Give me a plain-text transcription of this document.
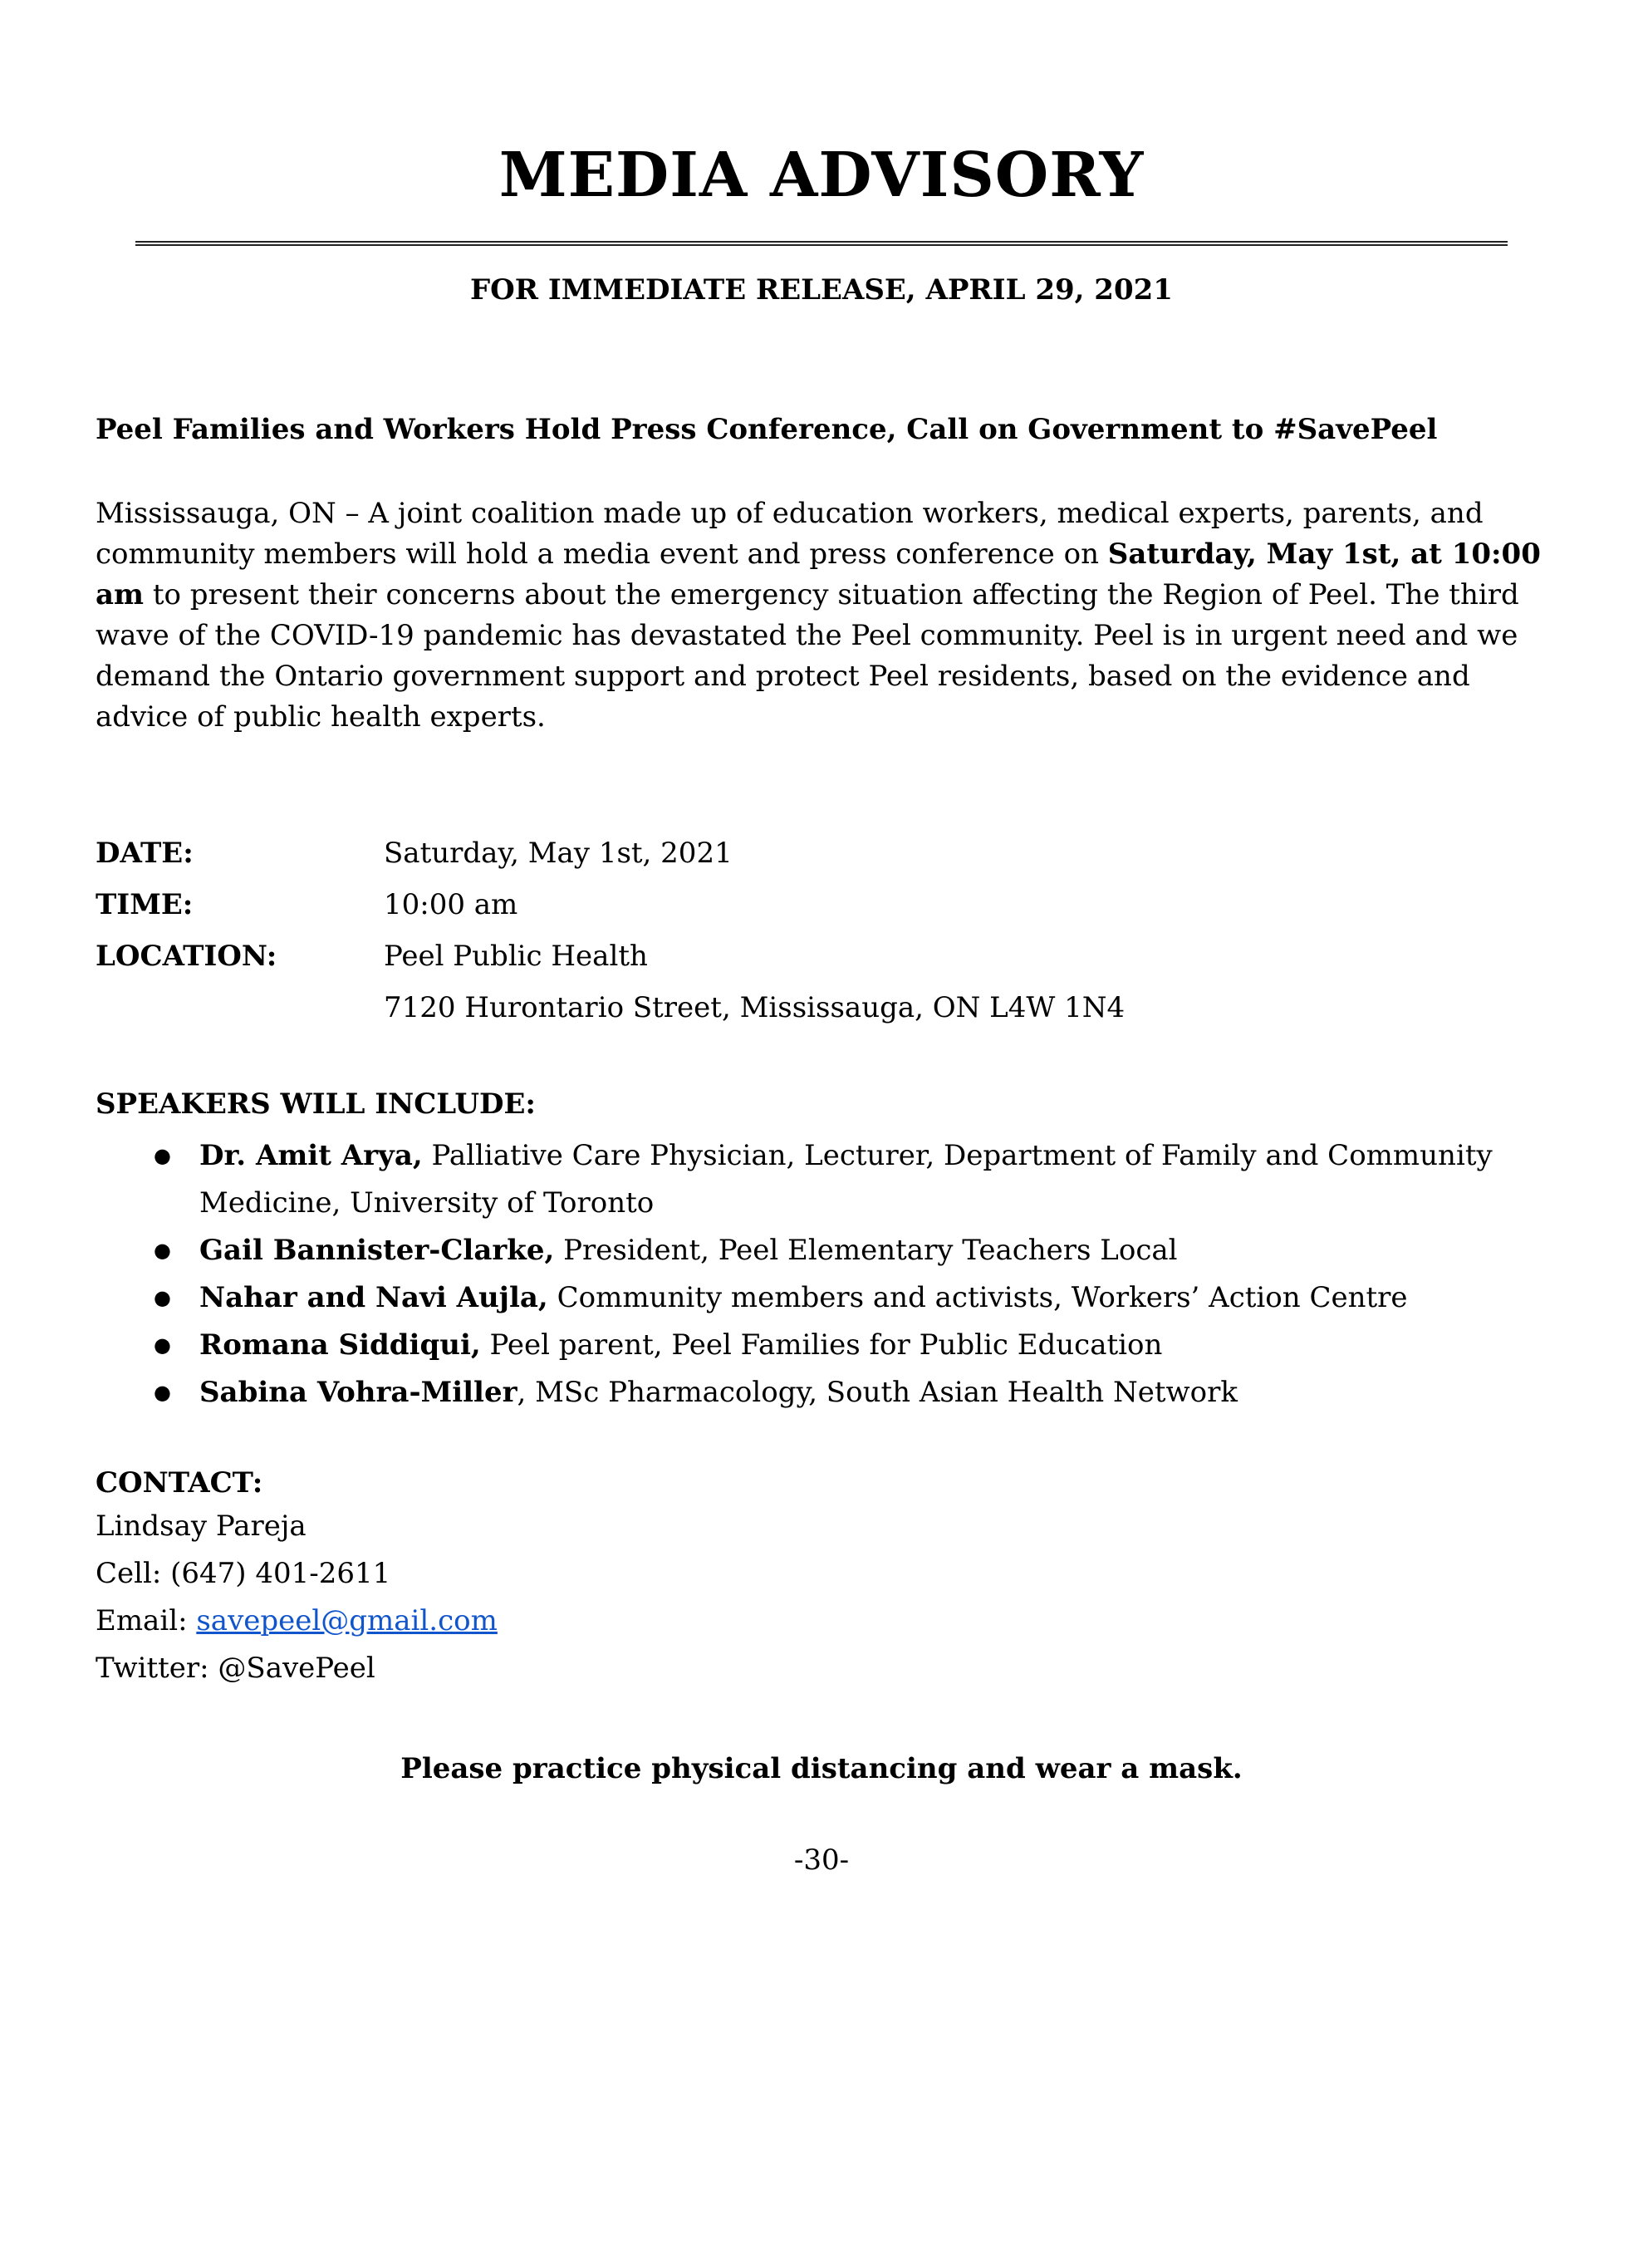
MEDIA ADVISORY
FOR IMMEDIATE RELEASE, APRIL 29, 2021
Peel Families and Workers Hold Press Conference, Call on Government to #SavePeel

Mississauga, ON – A joint coalition made up of education workers, medical experts, parents, and community members will hold a media event and press conference on Saturday, May 1st, at 10:00 am to present their concerns about the emergency situation affecting the Region of Peel. The third wave of the COVID-19 pandemic has devastated the Peel community. Peel is in urgent need and we demand the Ontario government support and protect Peel residents, based on the evidence and advice of public health experts.

DATE:	Saturday, May 1st, 2021
TIME:	10:00 am
LOCATION:	Peel Public Health
7120 Hurontario Street, Mississauga, ON L4W 1N4
SPEAKERS WILL INCLUDE:
●	Dr. Amit Arya, Palliative Care Physician, Lecturer, Department of Family and Community Medicine, University of Toronto
●	Gail Bannister-Clarke, President, Peel Elementary Teachers Local
●	Nahar and Navi Aujla, Community members and activists, Workers’ Action Centre
●	Romana Siddiqui, Peel parent, Peel Families for Public Education
●	Sabina Vohra-Miller, MSc Pharmacology, South Asian Health Network
CONTACT:
Lindsay Pareja
Cell: (647) 401-2611
Email: savepeel@gmail.com
Twitter: @SavePeel
Please practice physical distancing and wear a mask.
-30-
